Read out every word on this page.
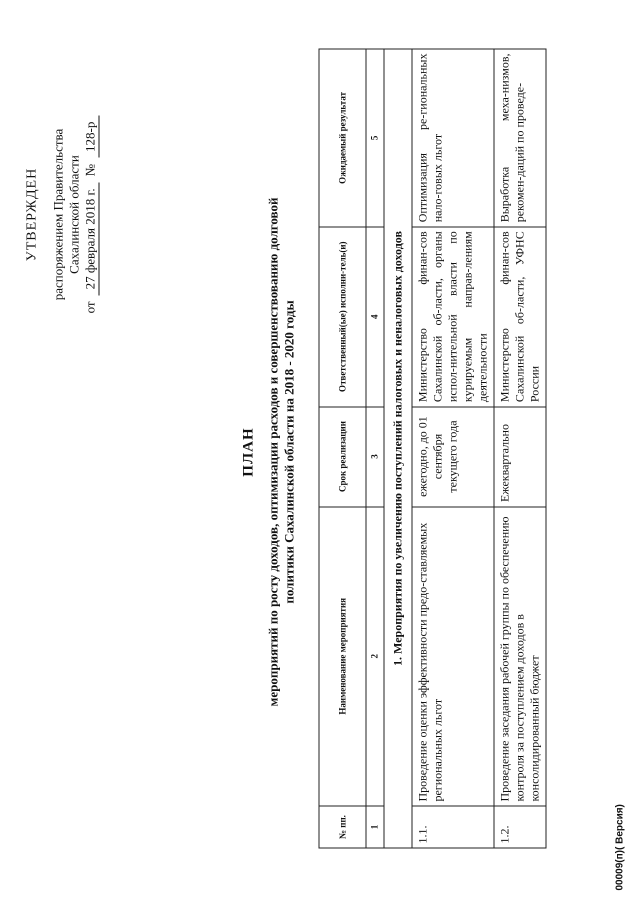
УТВЕРЖДЕН распоряжением Правительства Сахалинской области
от
27 февраля 2018 г.
№
128-р
ПЛАН мероприятий по росту доходов, оптимизации расходов и совершенствованию долговой политики Сахалинской области на 2018 - 2020 годы
№ пп.	Наименование мероприятия	Срок реализации	Ответственный(ые) исполни-тель(и)	Ожидаемый результат
1	2	3	4	5
1. Мероприятия по увеличению поступлений налоговых и неналоговых доходов				
1.1.	Проведение оценки эффективности предо-ставляемых региональных льгот	ежегодно, до 01 сентября текущего года	Министерство финан-сов Сахалинской об-ласти, органы испол-нительной власти по курируемым направ-лениям деятельности	Оптимизация ре-гиональных нало-говых льгот
1.2.	Проведение заседания рабочей группы по обеспечению контроля за поступлением доходов в консолидированный бюджет	Ежеквартально	Министерство финан-сов Сахалинской об-ласти, УФНС России	Выработка меха-низмов, рекомен-даций по проведе-
00009(п)( Версия)
